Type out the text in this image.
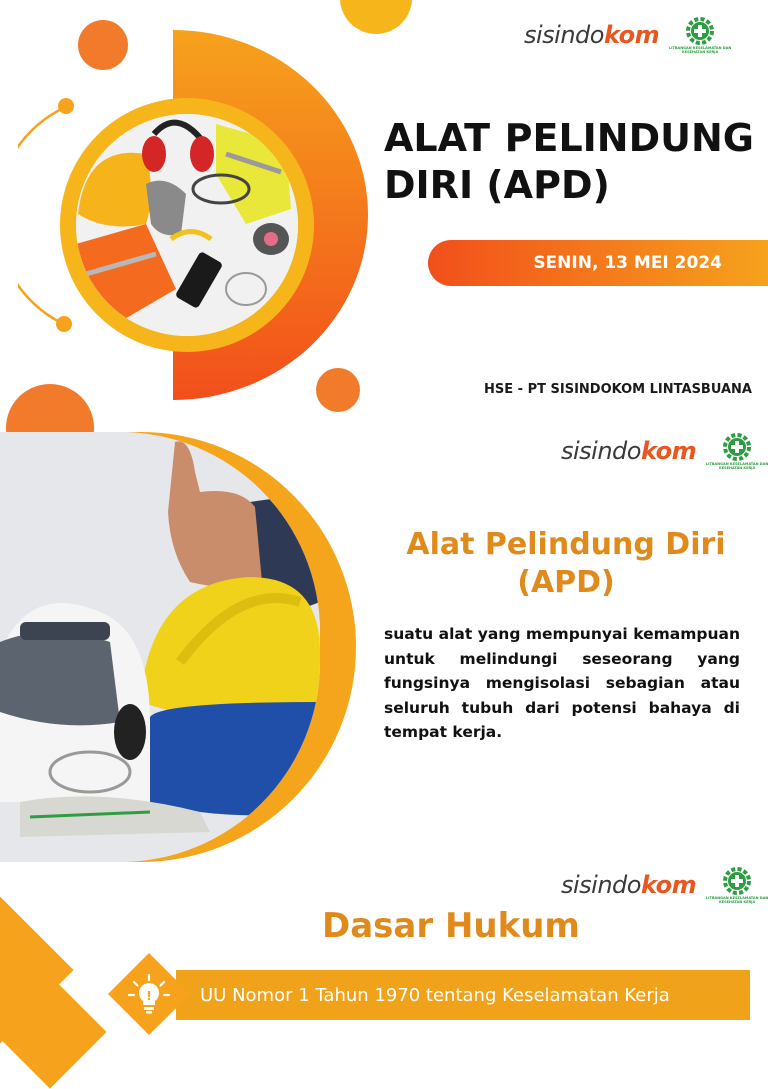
sisindokom	LITBANGAN KESELAMATAN DAN KESEHATAN KERJA
ALAT PELINDUNG
DIRI (APD)
SENIN, 13 MEI 2024
HSE - PT SISINDOKOM LINTASBUANA
sisindokom	LITBANGAN KESELAMATAN DAN KESEHATAN KERJA
Alat Pelindung Diri
(APD)
suatu alat yang mempunyai kemampuan untuk melindungi seseorang yang fungsinya mengisolasi sebagian atau seluruh tubuh dari potensi bahaya di tempat kerja.
sisindokom	LITBANGAN KESELAMATAN DAN KESEHATAN KERJA
Dasar Hukum
UU Nomor 1 Tahun 1970 tentang Keselamatan Kerja
!
